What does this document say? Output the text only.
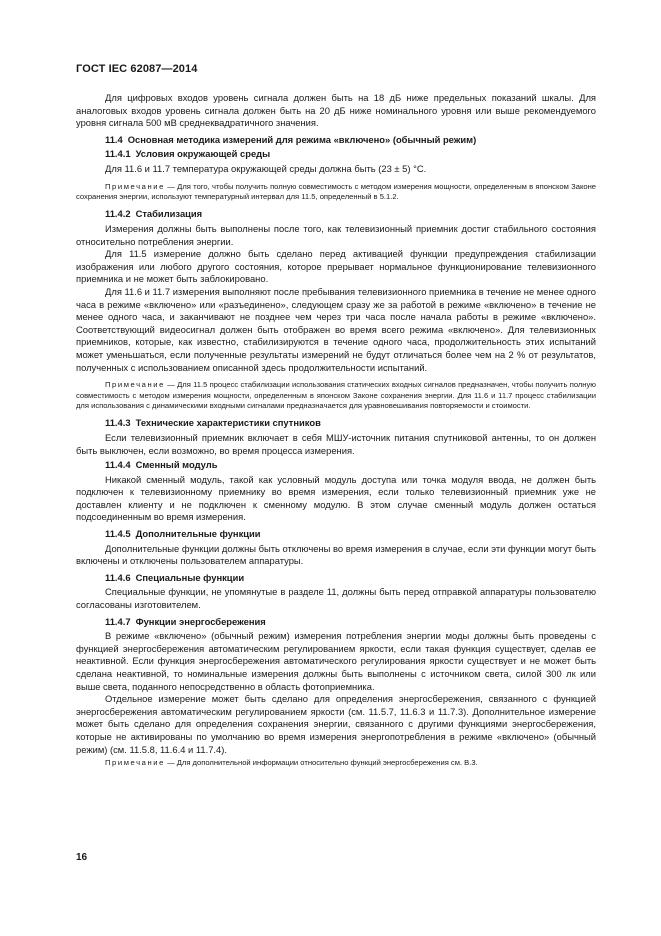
ГОСТ IEC 62087—2014

Для цифровых входов уровень сигнала должен быть на 18 дБ ниже предельных показаний шкалы. Для аналоговых входов уровень сигнала должен быть на 20 дБ ниже номинального уровня или выше рекомендуемого уровня сигнала 500 мВ среднеквадратичного значения.

11.4 Основная методика измерений для режима «включено» (обычный режим)
11.4.1 Условия окружающей среды

Для 11.6 и 11.7 температура окружающей среды должна быть (23 ± 5) °С.

Примечание — Для того, чтобы получить полную совместимость с методом измерения мощности, определенным в японском Законе сохранения энергии, используют температурный интервал для 11.5, определенный в 5.1.2.

11.4.2 Стабилизация

Измерения должны быть выполнены после того, как телевизионный приемник достиг стабильного состояния относительно потребления энергии.

Для 11.5 измерение должно быть сделано перед активацией функции предупреждения стабилизации изображения или любого другого состояния, которое прерывает нормальное функционирование телевизионного приемника и не может быть заблокировано.

Для 11.6 и 11.7 измерения выполняют после пребывания телевизионного приемника в течение не менее одного часа в режиме «включено» или «разъединено», следующем сразу же за работой в режиме «включено» в течение не менее одного часа, и заканчивают не позднее чем через три часа после начала работы в режиме «включено». Соответствующий видеосигнал должен быть отображен во время всего режима «включено». Для телевизионных приемников, которые, как известно, стабилизируются в течение одного часа, продолжительность этих испытаний может уменьшаться, если полученные результаты измерений не будут отличаться более чем на 2 % от результатов, полученных с использованием описанной здесь продолжительности испытаний.

Примечание — Для 11.5 процесс стабилизации использования статических входных сигналов предназначен, чтобы получить полную совместимость с методом измерения мощности, определенным в японском Законе сохранения энергии. Для 11.6 и 11.7 процесс стабилизации для использования с динамическими входными сигналами предназначается для уравновешивания повторяемости и стоимости.

11.4.3 Технические характеристики спутников

Если телевизионный приемник включает в себя МШУ-источник питания спутниковой антенны, то он должен быть выключен, если возможно, во время процесса измерения.

11.4.4 Сменный модуль

Никакой сменный модуль, такой как условный модуль доступа или точка модуля ввода, не должен быть подключен к телевизионному приемнику во время измерения, если только телевизионный приемник уже не доставлен клиенту и не подключен к сменному модулю. В этом случае сменный модуль должен остаться подсоединенным во время измерения.

11.4.5 Дополнительные функции

Дополнительные функции должны быть отключены во время измерения в случае, если эти функции могут быть включены и отключены пользователем аппаратуры.

11.4.6 Специальные функции

Специальные функции, не упомянутые в разделе 11, должны быть перед отправкой аппаратуры пользователю согласованы изготовителем.

11.4.7 Функции энергосбережения

В режиме «включено» (обычный режим) измерения потребления энергии моды должны быть проведены с функцией энергосбережения автоматическим регулированием яркости, если такая функция существует, сделав ее неактивной. Если функция энергосбережения автоматического регулирования яркости существует и не может быть сделана неактивной, то номинальные измерения должны быть выполнены с источником света, силой 300 лк или выше света, поданного непосредственно в область фотоприемника.

Отдельное измерение может быть сделано для определения энергосбережения, связанного с функцией энергосбережения автоматическим регулированием яркости (см. 11.5.7, 11.6.3 и 11.7.3). Дополнительное измерение может быть сделано для определения сохранения энергии, связанного с другими функциями энергосбережения, которые не активированы по умолчанию во время измерения энергопотребления в режиме «включено» (обычный режим) (см. 11.5.8, 11.6.4 и 11.7.4).

Примечание — Для дополнительной информации относительно функций энергосбережения см. В.3.

16
